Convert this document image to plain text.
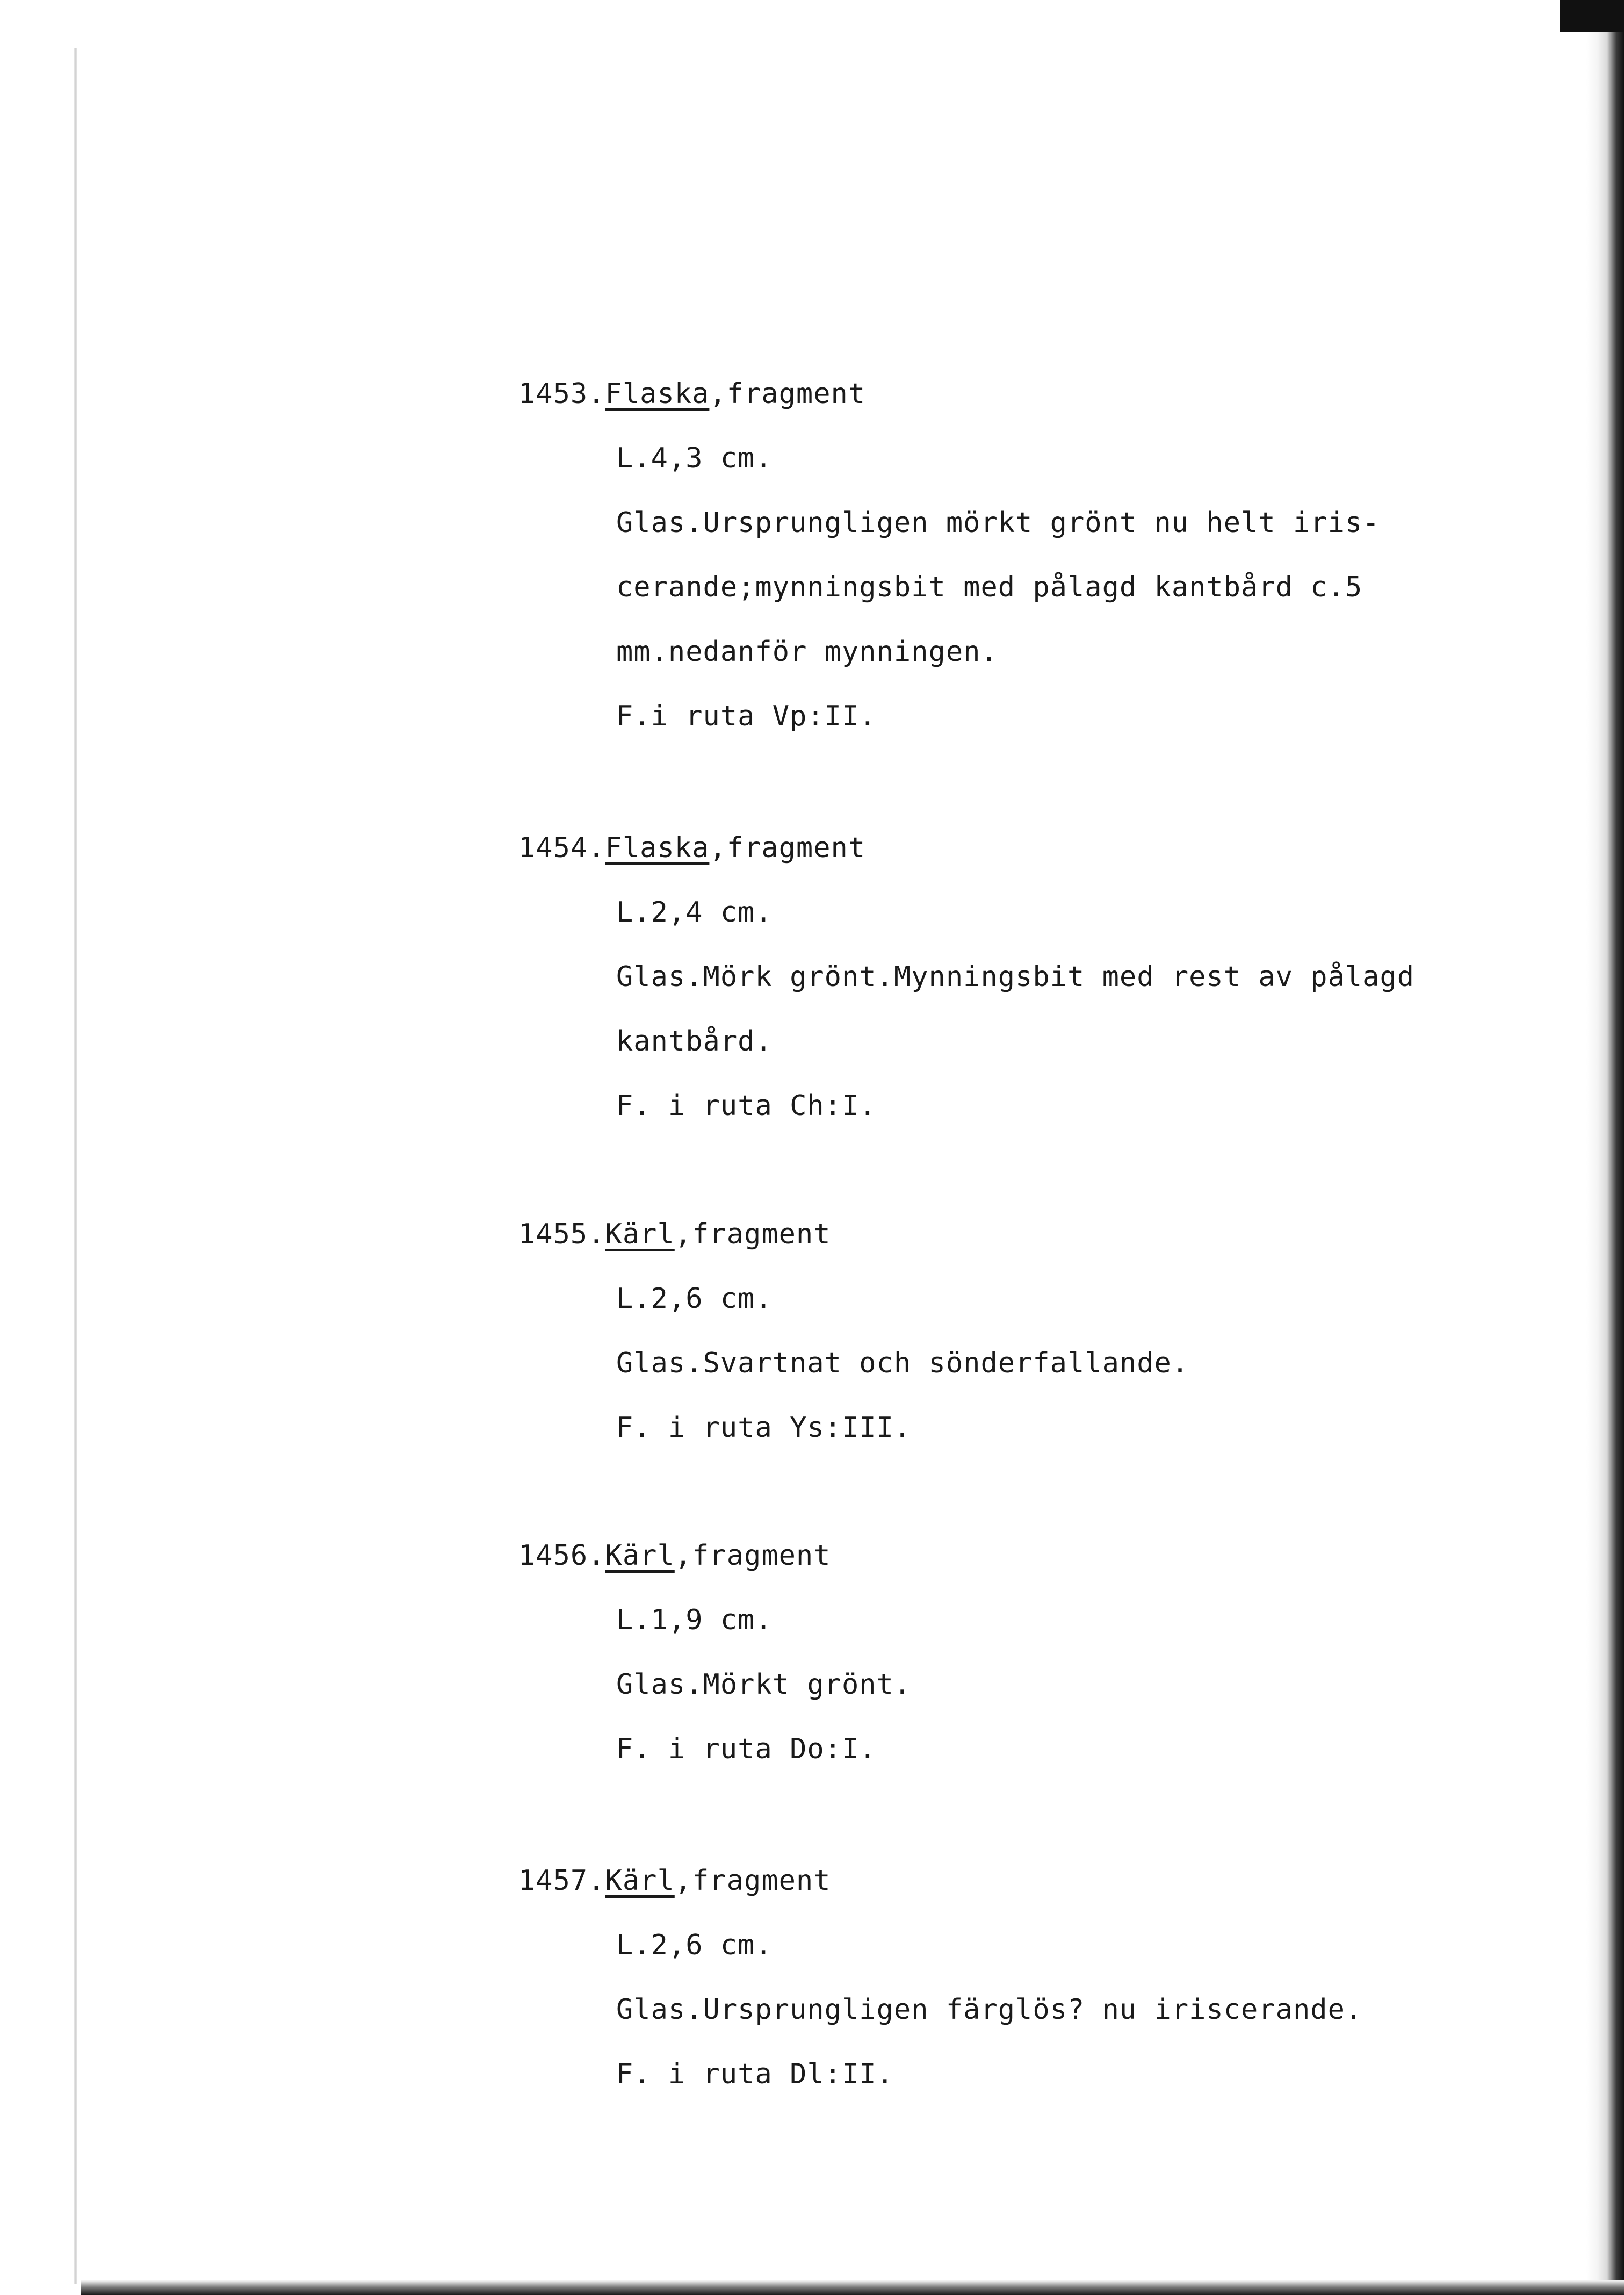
1453.Flaska,fragment
L.4,3 cm.
Glas.Ursprungligen mörkt grönt nu helt iris-
cerande;mynningsbit med pålagd kantbård c.5
mm.nedanför mynningen.
F.i ruta Vp:II.
1454.Flaska,fragment
L.2,4 cm.
Glas.Mörk grönt.Mynningsbit med rest av pålagd
kantbård.
F. i ruta Ch:I.
1455.Kärl,fragment
L.2,6 cm.
Glas.Svartnat och sönderfallande.
F. i ruta Ys:III.
1456.Kärl,fragment
L.1,9 cm.
Glas.Mörkt grönt.
F. i ruta Do:I.
1457.Kärl,fragment
L.2,6 cm.
Glas.Ursprungligen färglös? nu iriscerande.
F. i ruta Dl:II.
